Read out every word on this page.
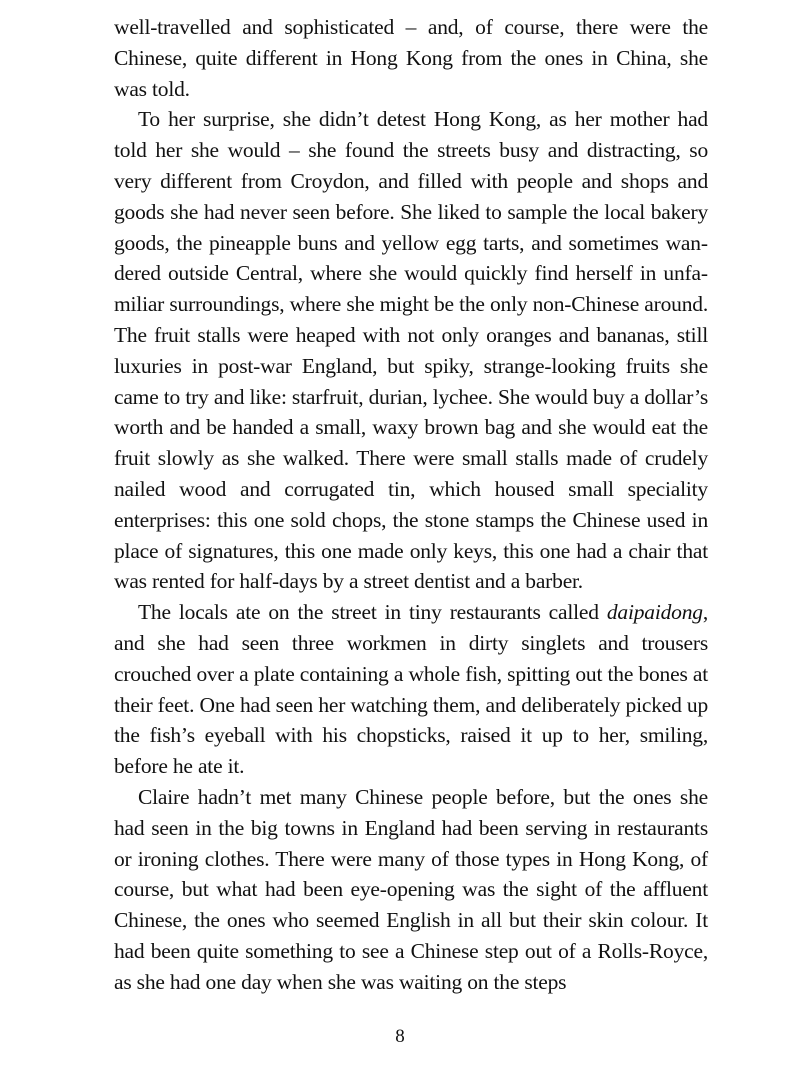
well-travelled and sophisticated – and, of course, there were the Chinese, quite different in Hong Kong from the ones in China, she was told.

To her surprise, she didn’t detest Hong Kong, as her mother had told her she would – she found the streets busy and distracting, so very different from Croydon, and filled with people and shops and goods she had never seen before. She liked to sample the local bakery goods, the pineapple buns and yellow egg tarts, and sometimes wandered outside Central, where she would quickly find herself in unfamiliar surroundings, where she might be the only non-Chinese around. The fruit stalls were heaped with not only oranges and bananas, still luxuries in post-war England, but spiky, strange-looking fruits she came to try and like: starfruit, durian, lychee. She would buy a dollar’s worth and be handed a small, waxy brown bag and she would eat the fruit slowly as she walked. There were small stalls made of crudely nailed wood and corrugated tin, which housed small speciality enterprises: this one sold chops, the stone stamps the Chinese used in place of signatures, this one made only keys, this one had a chair that was rented for half-days by a street dentist and a barber.

The locals ate on the street in tiny restaurants called daipaidong, and she had seen three workmen in dirty singlets and trousers crouched over a plate containing a whole fish, spitting out the bones at their feet. One had seen her watching them, and deliberately picked up the fish’s eyeball with his chopsticks, raised it up to her, smiling, before he ate it.

Claire hadn’t met many Chinese people before, but the ones she had seen in the big towns in England had been serving in restaurants or ironing clothes. There were many of those types in Hong Kong, of course, but what had been eye-opening was the sight of the affluent Chinese, the ones who seemed English in all but their skin colour. It had been quite something to see a Chinese step out of a Rolls-Royce, as she had one day when she was waiting on the steps

8
